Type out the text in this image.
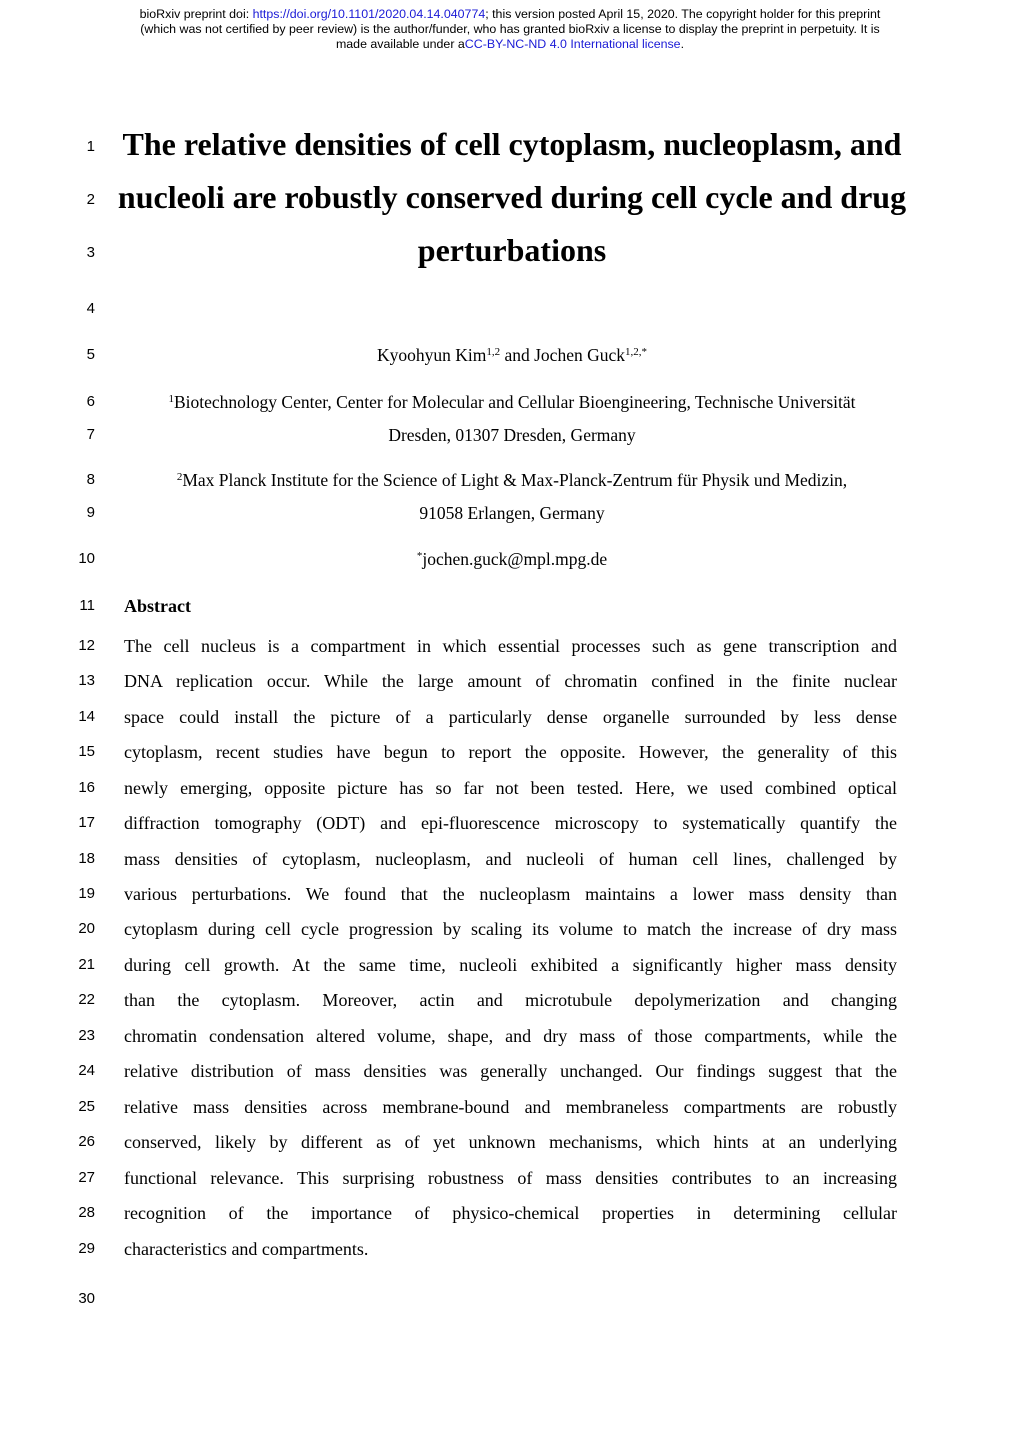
bioRxiv preprint doi: https://doi.org/10.1101/2020.04.14.040774; this version posted April 15, 2020. The copyright holder for this preprint
(which was not certified by peer review) is the author/funder, who has granted bioRxiv a license to display the preprint in perpetuity. It is
made available under aCC-BY-NC-ND 4.0 International license.
1
2
3
4
5
6
7
8
9
10
11
12
13
14
15
16
17
18
19
20
21
22
23
24
25
26
27
28
29
30
The relative densities of cell cytoplasm, nucleoplasm, and
nucleoli are robustly conserved during cell cycle and drug
perturbations
Kyoohyun Kim$^{1,2}$ and Jochen Guck$^{1,2,*}$
$^1$Biotechnology Center, Center for Molecular and Cellular Bioengineering, Technische Universität
Dresden, 01307 Dresden, Germany
$^2$Max Planck Institute for the Science of Light & Max-Planck-Zentrum für Physik und Medizin,
91058 Erlangen, Germany
*jochen.guck@mpl.mpg.de
Abstract
The cell nucleus is a compartment in which essential processes such as gene transcription and
DNA replication occur. While the large amount of chromatin confined in the finite nuclear
space could install the picture of a particularly dense organelle surrounded by less dense
cytoplasm, recent studies have begun to report the opposite. However, the generality of this
newly emerging, opposite picture has so far not been tested. Here, we used combined optical
diffraction tomography (ODT) and epi-fluorescence microscopy to systematically quantify the
mass densities of cytoplasm, nucleoplasm, and nucleoli of human cell lines, challenged by
various perturbations. We found that the nucleoplasm maintains a lower mass density than
cytoplasm during cell cycle progression by scaling its volume to match the increase of dry mass
during cell growth. At the same time, nucleoli exhibited a significantly higher mass density
than the cytoplasm. Moreover, actin and microtubule depolymerization and changing
chromatin condensation altered volume, shape, and dry mass of those compartments, while the
relative distribution of mass densities was generally unchanged. Our findings suggest that the
relative mass densities across membrane-bound and membraneless compartments are robustly
conserved, likely by different as of yet unknown mechanisms, which hints at an underlying
functional relevance. This surprising robustness of mass densities contributes to an increasing
recognition of the importance of physico-chemical properties in determining cellular
characteristics and compartments.
